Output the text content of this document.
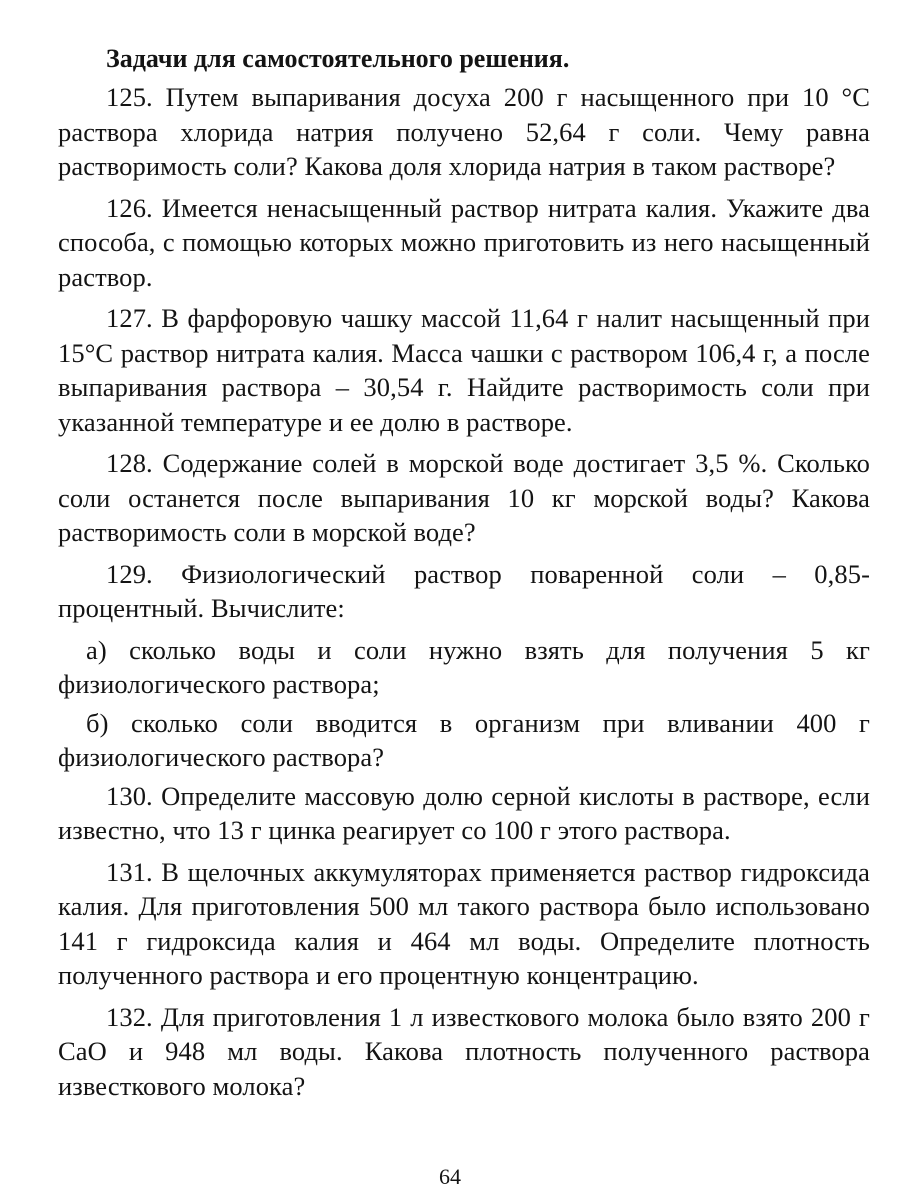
Задачи для самостоятельного решения.

125. Путем выпаривания досуха 200 г насыщенного при 10 °С раствора хлорида натрия получено 52,64 г соли. Чему равна растворимость соли? Какова доля хлорида натрия в таком растворе?

126. Имеется ненасыщенный раствор нитрата калия. Укажите два способа, с помощью которых можно приготовить из него насыщенный раствор.

127. В фарфоровую чашку массой 11,64 г налит насыщенный при 15°С раствор нитрата калия. Масса чашки с раствором 106,4 г, а после выпаривания раствора – 30,54 г. Найдите растворимость соли при указанной температуре и ее долю в растворе.

128. Содержание солей в морской воде достигает 3,5 %. Сколько соли останется после выпаривания 10 кг морской воды? Какова растворимость соли в морской воде?

129. Физиологический раствор поваренной соли – 0,85-процентный. Вычислите:

а) сколько воды и соли нужно взять для получения 5 кг физиологического раствора;

б) сколько соли вводится в организм при вливании 400 г физиологического раствора?

130. Определите массовую долю серной кислоты в растворе, если известно, что 13 г цинка реагирует со 100 г этого раствора.

131. В щелочных аккумуляторах применяется раствор гидроксида калия. Для приготовления 500 мл такого раствора было использовано 141 г гидроксида калия и 464 мл воды. Определите плотность полученного раствора и его процентную концентрацию.

132. Для приготовления 1 л известкового молока было взято 200 г СаО и 948 мл воды. Какова плотность полученного раствора известкового молока?

64
